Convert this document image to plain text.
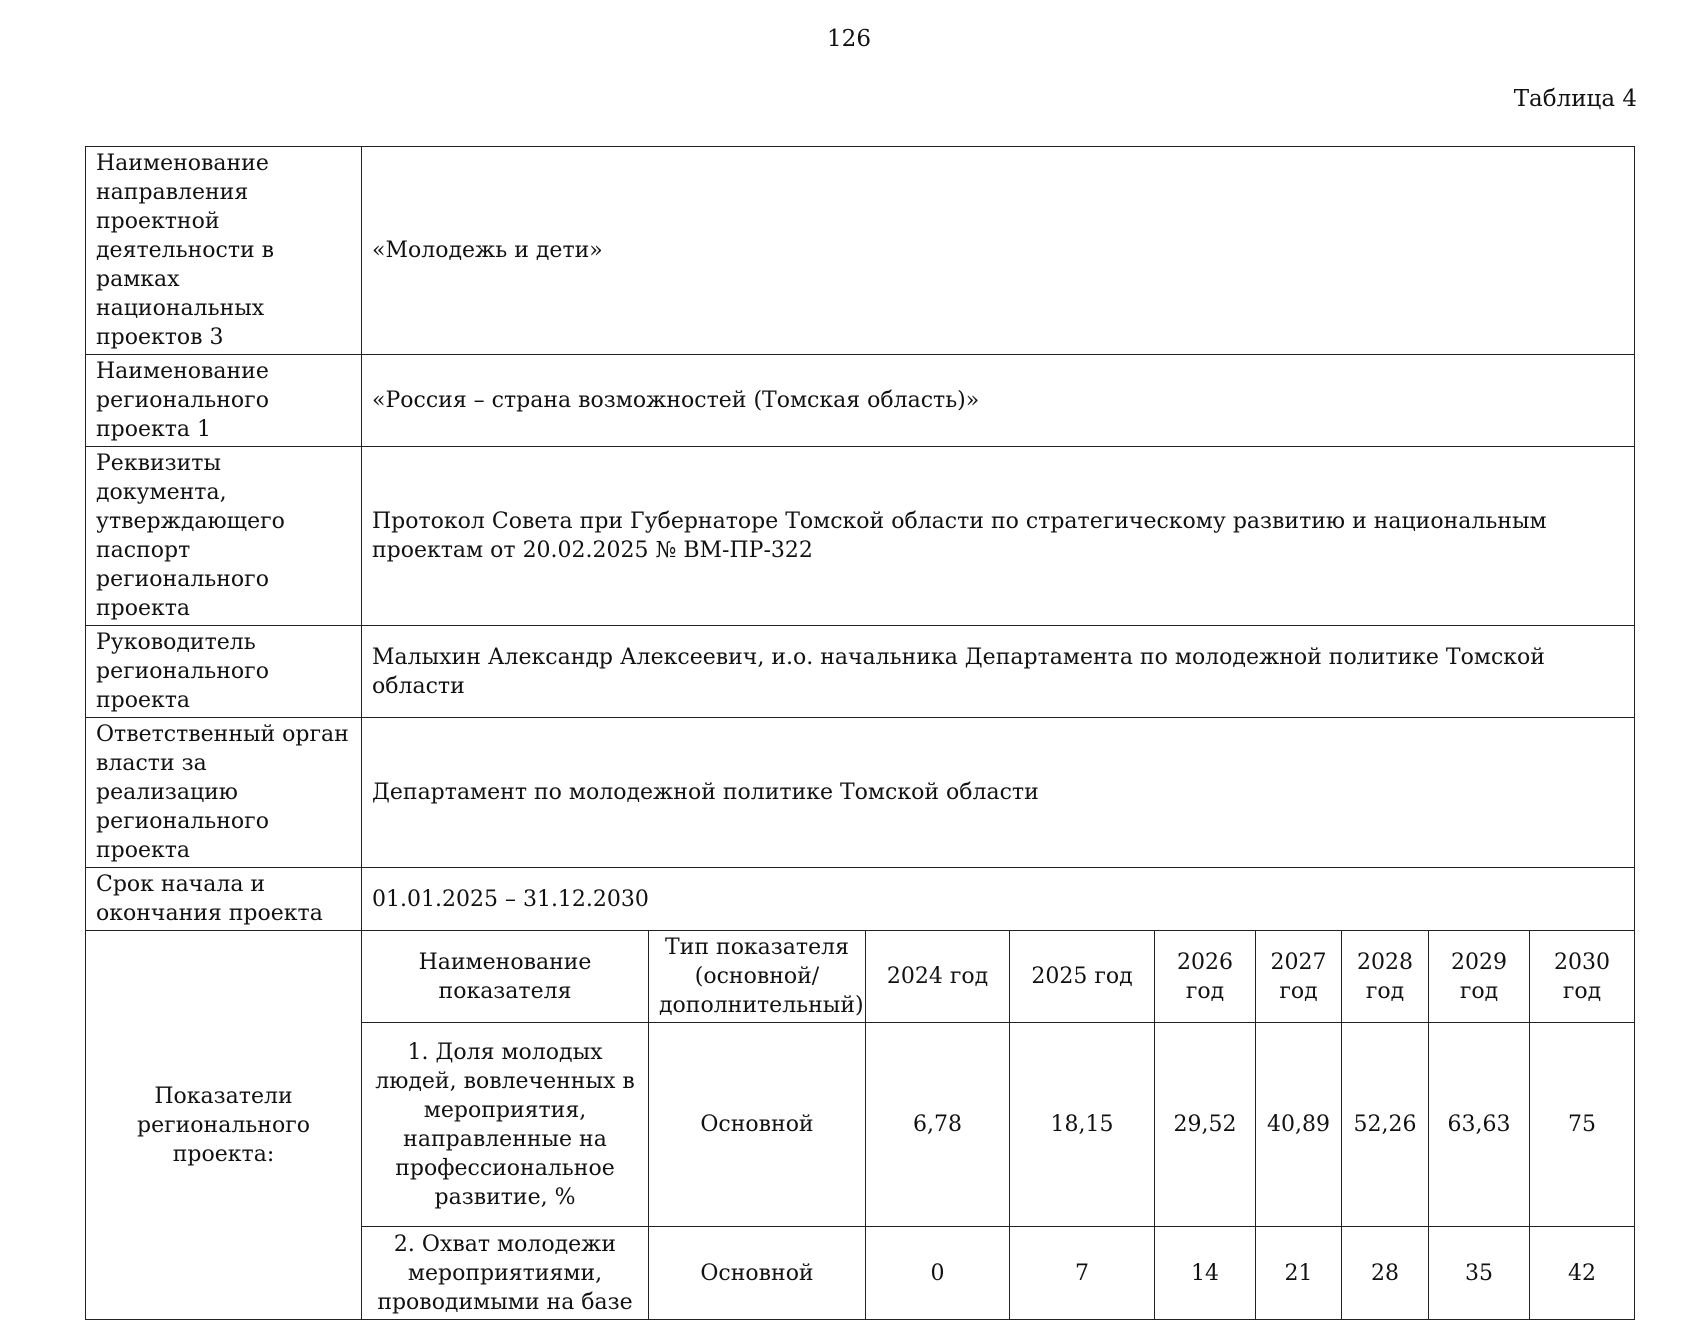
126
Таблица 4
Наименование направления проектной деятельности в рамках национальных проектов 3	«Молодежь и дети»								
Наименование регионального проекта 1	«Россия – страна возможностей (Томская область)»								
Реквизиты документа, утверждающего паспорт регионального проекта	Протокол Совета при Губернаторе Томской области по стратегическому развитию и национальным проектам от 20.02.2025 № ВМ-ПР-322								
Руководитель регионального проекта	Малыхин Александр Алексеевич, и.о. начальника Департамента по молодежной политике Томской области								
Ответственный орган власти за реализацию регионального проекта	Департамент по молодежной политике Томской области								
Срок начала и окончания проекта	01.01.2025 – 31.12.2030								
Показатели регионального проекта:	Наименование показателя	Тип показателя (основной/ дополнительный)	2024 год	2025 год	2026 год	2027 год	2028 год	2029 год	2030 год
	1. Доля молодых людей, вовлеченных в мероприятия, направленные на профессиональное развитие, %	Основной	6,78	18,15	29,52	40,89	52,26	63,63	75
	2. Охват молодежи мероприятиями, проводимыми на базе	Основной	0	7	14	21	28	35	42
